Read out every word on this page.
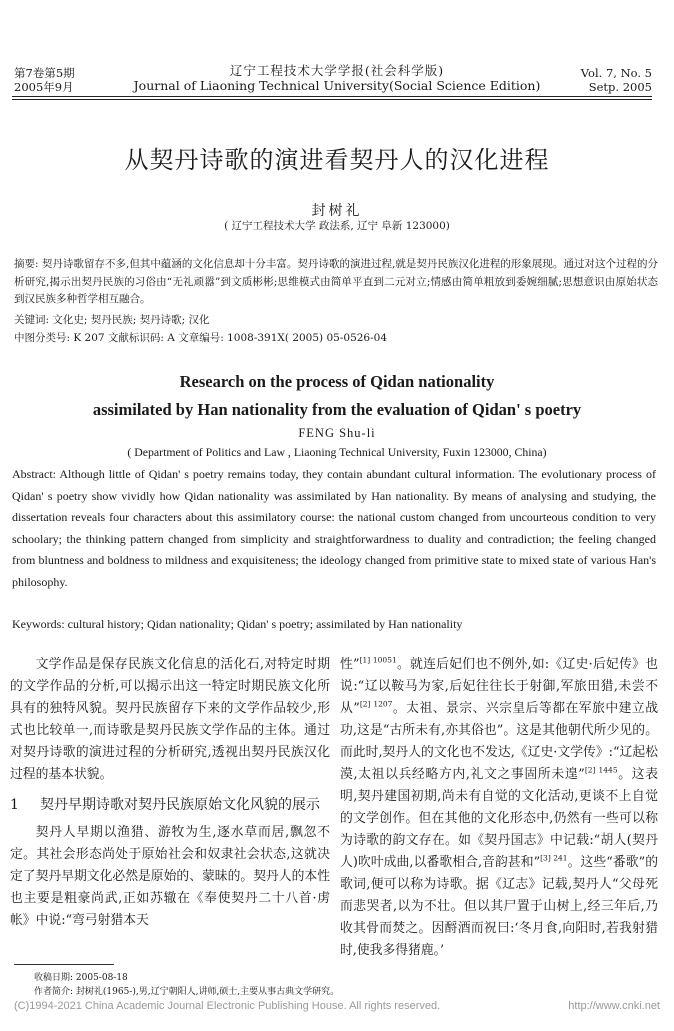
第7卷第5期
2005年9月
辽宁工程技术大学学报(社会科学版)
Journal of Liaoning Technical University(Social Science Edition)
Vol. 7, No. 5
Setp. 2005
从契丹诗歌的演进看契丹人的汉化进程
封树礼
( 辽宁工程技术大学 政法系, 辽宁 阜新 123000)
摘要: 契丹诗歌留存不多,但其中蕴涵的文化信息却十分丰富。契丹诗歌的演进过程,就是契丹民族汉化进程的形象展现。通过对这个过程的分析研究,揭示出契丹民族的习俗由“无礼顽嚣”到文质彬彬;思维模式由简单平直到二元对立;情感由简单粗放到委婉细腻;思想意识由原始状态到汉民族多种哲学相互融合。
关键词: 文化史; 契丹民族; 契丹诗歌; 汉化
中图分类号: K 207 文献标识码: A 文章编号: 1008-391X( 2005) 05-0526-04
Research on the process of Qidan nationality
assimilated by Han nationality from the evaluation of Qidan' s poetry
FENG Shu-li
( Department of Politics and Law , Liaoning Technical University, Fuxin 123000, China)
Abstract: Although little of Qidan' s poetry remains today, they contain abundant cultural information. The evolutionary process of Qidan' s poetry show vividly how Qidan nationality was assimilated by Han nationality. By means of analysing and studying, the dissertation reveals four characters about this assimilatory course: the national custom changed from uncourteous condition to very schoolary; the thinking pattern changed from simplicity and straightforwardness to duality and contradiction; the feeling changed from bluntness and boldness to mildness and exquisiteness; the ideology changed from primitive state to mixed state of various Han's philosophy.
Keywords: cultural history; Qidan nationality; Qidan' s poetry; assimilated by Han nationality

文学作品是保存民族文化信息的活化石,对特定时期的文学作品的分析,可以揭示出这一特定时期民族文化所具有的独特风貌。契丹民族留存下来的文学作品较少,形式也比较单一,而诗歌是契丹民族文学作品的主体。通过对契丹诗歌的演进过程的分析研究,透视出契丹民族汉化过程的基本状貌。

1	契丹早期诗歌对契丹民族原始文化风貌的展示

契丹人早期以渔猎、游牧为生,逐水草而居,飘忽不定。其社会形态尚处于原始社会和奴隶社会状态,这就决定了契丹早期文化必然是原始的、蒙昧的。契丹人的本性也主要是粗豪尚武,正如苏辙在《奉使契丹二十八首·虏帐》中说:“弯弓射猎本天

性”$^{[1] 10051}$。就连后妃们也不例外,如:《辽史·后妃传》也说:“辽以鞍马为家,后妃往往长于射御,军旅田猎,未尝不从”$^{[2] 1207}$。太祖、景宗、兴宗皇后等都在军旅中建立战功,这是“古所未有,亦其俗也”。这是其他朝代所少见的。而此时,契丹人的文化也不发达,《辽史·文学传》:“辽起松漠,太祖以兵经略方内,礼文之事固所未遑”$^{[2] 1445}$。这表明,契丹建国初期,尚未有自觉的文化活动,更谈不上自觉的文学创作。但在其他的文化形态中,仍然有一些可以称为诗歌的韵文存在。如《契丹国志》中记载:“胡人(契丹人)吹叶成曲,以番歌相合,音韵甚和”$^{[3] 241}$。这些“番歌”的歌词,便可以称为诗歌。据《辽志》记载,契丹人“父母死而悲哭者,以为不壮。但以其尸置于山树上,经三年后,乃收其骨而焚之。因酹酒而祝曰:‘冬月食,向阳时,若我射猎时,使我多得猪鹿。’

收稿日期: 2005-08-18
作者简介: 封树礼(1965-),男,辽宁朝阳人,讲师,硕士,主要从事古典文学研究。
(C)1994-2021 China Academic Journal Electronic Publishing House. All rights reserved.	http://www.cnki.net
